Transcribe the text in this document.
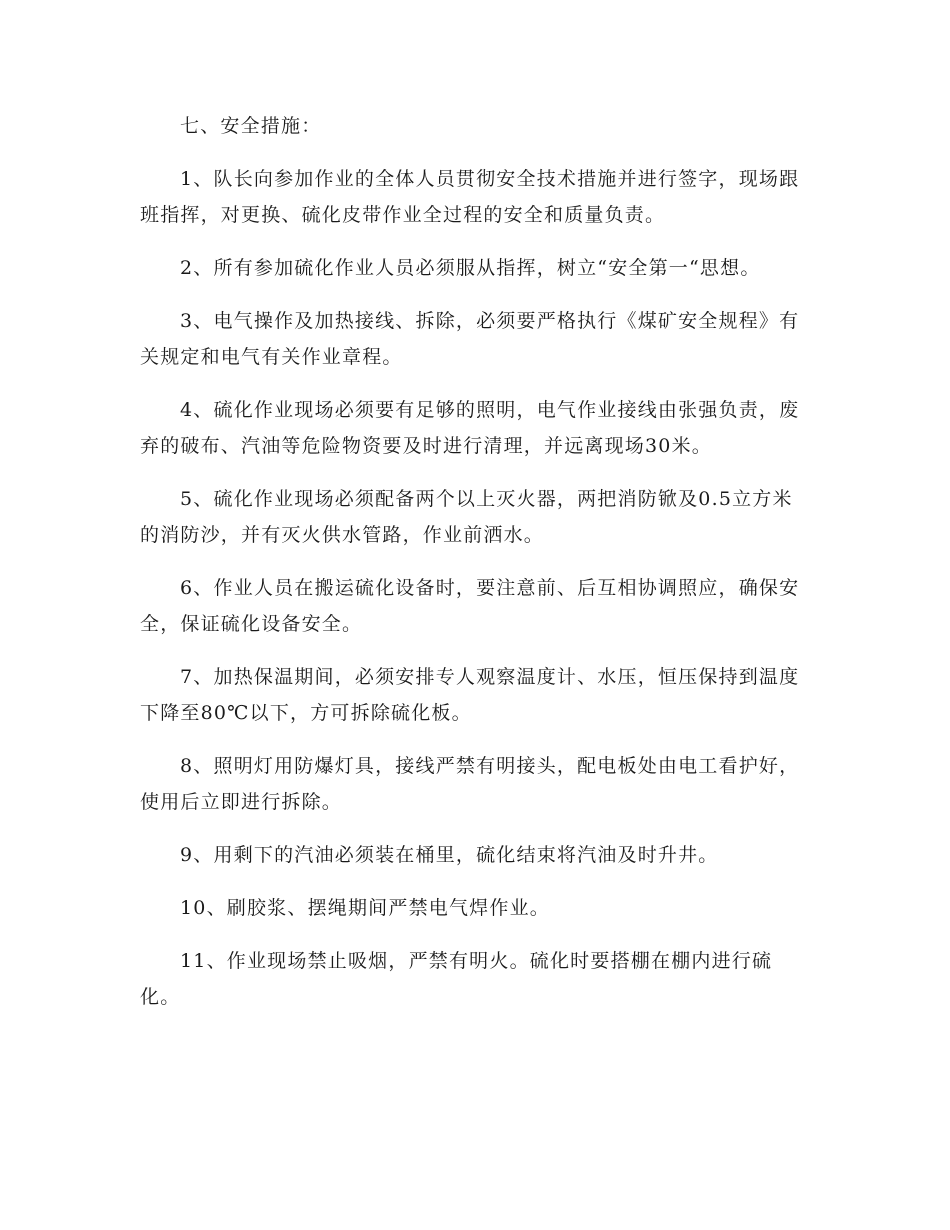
七、安全措施：

1、队长向参加作业的全体人员贯彻安全技术措施并进行签字，现场跟班指挥，对更换、硫化皮带作业全过程的安全和质量负责。

2、所有参加硫化作业人员必须服从指挥，树立“安全第一“思想。

3、电气操作及加热接线、拆除，必须要严格执行《煤矿安全规程》有关规定和电气有关作业章程。

4、硫化作业现场必须要有足够的照明，电气作业接线由张强负责，废弃的破布、汽油等危险物资要及时进行清理，并远离现场30米。

5、硫化作业现场必须配备两个以上灭火器，两把消防锨及0.5立方米的消防沙，并有灭火供水管路，作业前洒水。

6、作业人员在搬运硫化设备时，要注意前、后互相协调照应，确保安全，保证硫化设备安全。

7、加热保温期间，必须安排专人观察温度计、水压，恒压保持到温度下降至80℃以下，方可拆除硫化板。

8、照明灯用防爆灯具，接线严禁有明接头，配电板处由电工看护好，使用后立即进行拆除。

9、用剩下的汽油必须装在桶里，硫化结束将汽油及时升井。

10、刷胶浆、摆绳期间严禁电气焊作业。

11、作业现场禁止吸烟，严禁有明火。硫化时要搭棚在棚内进行硫化。
